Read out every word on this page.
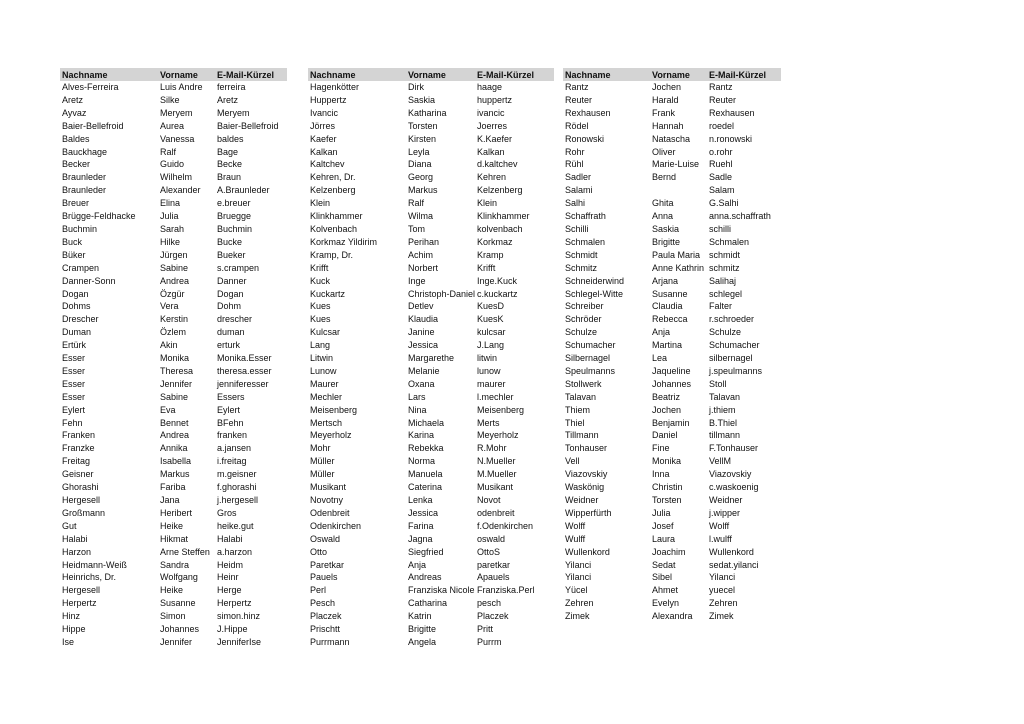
Nachname	Vorname	E-Mail-Kürzel
Alves-Ferreira	Luis Andre	ferreira
Aretz	Silke	Aretz
Ayvaz	Meryem	Meryem
Baier-Bellefroid	Aurea	Baier-Bellefroid
Baldes	Vanessa	baldes
Bauckhage	Ralf	Bage
Becker	Guido	Becke
Braunleder	Wilhelm	Braun
Braunleder	Alexander	A.Braunleder
Breuer	Elina	e.breuer
Brügge-Feldhacke	Julia	Bruegge
Buchmin	Sarah	Buchmin
Buck	Hilke	Bucke
Büker	Jürgen	Bueker
Crampen	Sabine	s.crampen
Danner-Sonn	Andrea	Danner
Dogan	Özgür	Dogan
Dohms	Vera	Dohm
Drescher	Kerstin	drescher
Duman	Özlem	duman
Ertürk	Akin	erturk
Esser	Monika	Monika.Esser
Esser	Theresa	theresa.esser
Esser	Jennifer	jenniferesser
Esser	Sabine	Essers
Eylert	Eva	Eylert
Fehn	Bennet	BFehn
Franken	Andrea	franken
Franzke	Annika	a.jansen
Freitag	Isabella	i.freitag
Geisner	Markus	m.geisner
Ghorashi	Fariba	f.ghorashi
Hergesell	Jana	j.hergesell
Großmann	Heribert	Gros
Gut	Heike	heike.gut
Halabi	Hikmat	Halabi
Harzon	Arne Steffen	a.harzon
Heidmann-Weiß	Sandra	Heidm
Heinrichs, Dr.	Wolfgang	Heinr
Hergesell	Heike	Herge
Herpertz	Susanne	Herpertz
Hinz	Simon	simon.hinz
Hippe	Johannes	J.Hippe
Ise	Jennifer	JenniferIse
Nachname	Vorname	E-Mail-Kürzel
Hagenkötter	Dirk	haage
Huppertz	Saskia	huppertz
Ivancic	Katharina	ivancic
Jörres	Torsten	Joerres
Kaefer	Kirsten	K.Kaefer
Kalkan	Leyla	Kalkan
Kaltchev	Diana	d.kaltchev
Kehren, Dr.	Georg	Kehren
Kelzenberg	Markus	Kelzenberg
Klein	Ralf	Klein
Klinkhammer	Wilma	Klinkhammer
Kolvenbach	Tom	kolvenbach
Korkmaz Yildirim	Perihan	Korkmaz
Kramp, Dr.	Achim	Kramp
Krifft	Norbert	Krifft
Kuck	Inge	Inge.Kuck
Kuckartz	Christoph-Daniel	c.kuckartz
Kues	Detlev	KuesD
Kues	Klaudia	KuesK
Kulcsar	Janine	kulcsar
Lang	Jessica	J.Lang
Litwin	Margarethe	litwin
Lunow	Melanie	lunow
Maurer	Oxana	maurer
Mechler	Lars	l.mechler
Meisenberg	Nina	Meisenberg
Mertsch	Michaela	Merts
Meyerholz	Karina	Meyerholz
Mohr	Rebekka	R.Mohr
Müller	Norma	N.Mueller
Müller	Manuela	M.Mueller
Musikant	Caterina	Musikant
Novotny	Lenka	Novot
Odenbreit	Jessica	odenbreit
Odenkirchen	Farina	f.Odenkirchen
Oswald	Jagna	oswald
Otto	Siegfried	OttoS
Paretkar	Anja	paretkar
Pauels	Andreas	Apauels
Perl	Franziska Nicole	Franziska.Perl
Pesch	Catharina	pesch
Placzek	Katrin	Placzek
Prischtt	Brigitte	Pritt
Purrmann	Angela	Purrm
Nachname	Vorname	E-Mail-Kürzel
Rantz	Jochen	Rantz
Reuter	Harald	Reuter
Rexhausen	Frank	Rexhausen
Rödel	Hannah	roedel
Ronowski	Natascha	n.ronowski
Rohr	Oliver	o.rohr
Rühl	Marie-Luise	Ruehl
Sadler	Bernd	Sadle
Salami		Salam
Salhi	Ghita	G.Salhi
Schaffrath	Anna	anna.schaffrath
Schilli	Saskia	schilli
Schmalen	Brigitte	Schmalen
Schmidt	Paula Maria	schmidt
Schmitz	Anne Kathrin	schmitz
Schneiderwind	Arjana	Salihaj
Schlegel-Witte	Susanne	schlegel
Schreiber	Claudia	Falter
Schröder	Rebecca	r.schroeder
Schulze	Anja	Schulze
Schumacher	Martina	Schumacher
Silbernagel	Lea	silbernagel
Speulmanns	Jaqueline	j.speulmanns
Stollwerk	Johannes	Stoll
Talavan	Beatriz	Talavan
Thiem	Jochen	j.thiem
Thiel	Benjamin	B.Thiel
Tillmann	Daniel	tillmann
Tonhauser	Fine	F.Tonhauser
Vell	Monika	VellM
Viazovskiy	Inna	Viazovskiy
Waskönig	Christin	c.waskoenig
Weidner	Torsten	Weidner
Wipperfürth	Julia	j.wipper
Wolff	Josef	Wolff
Wulff	Laura	l.wulff
Wullenkord	Joachim	Wullenkord
Yilanci	Sedat	sedat.yilanci
Yilanci	Sibel	Yilanci
Yücel	Ahmet	yuecel
Zehren	Evelyn	Zehren
Zimek	Alexandra	Zimek
